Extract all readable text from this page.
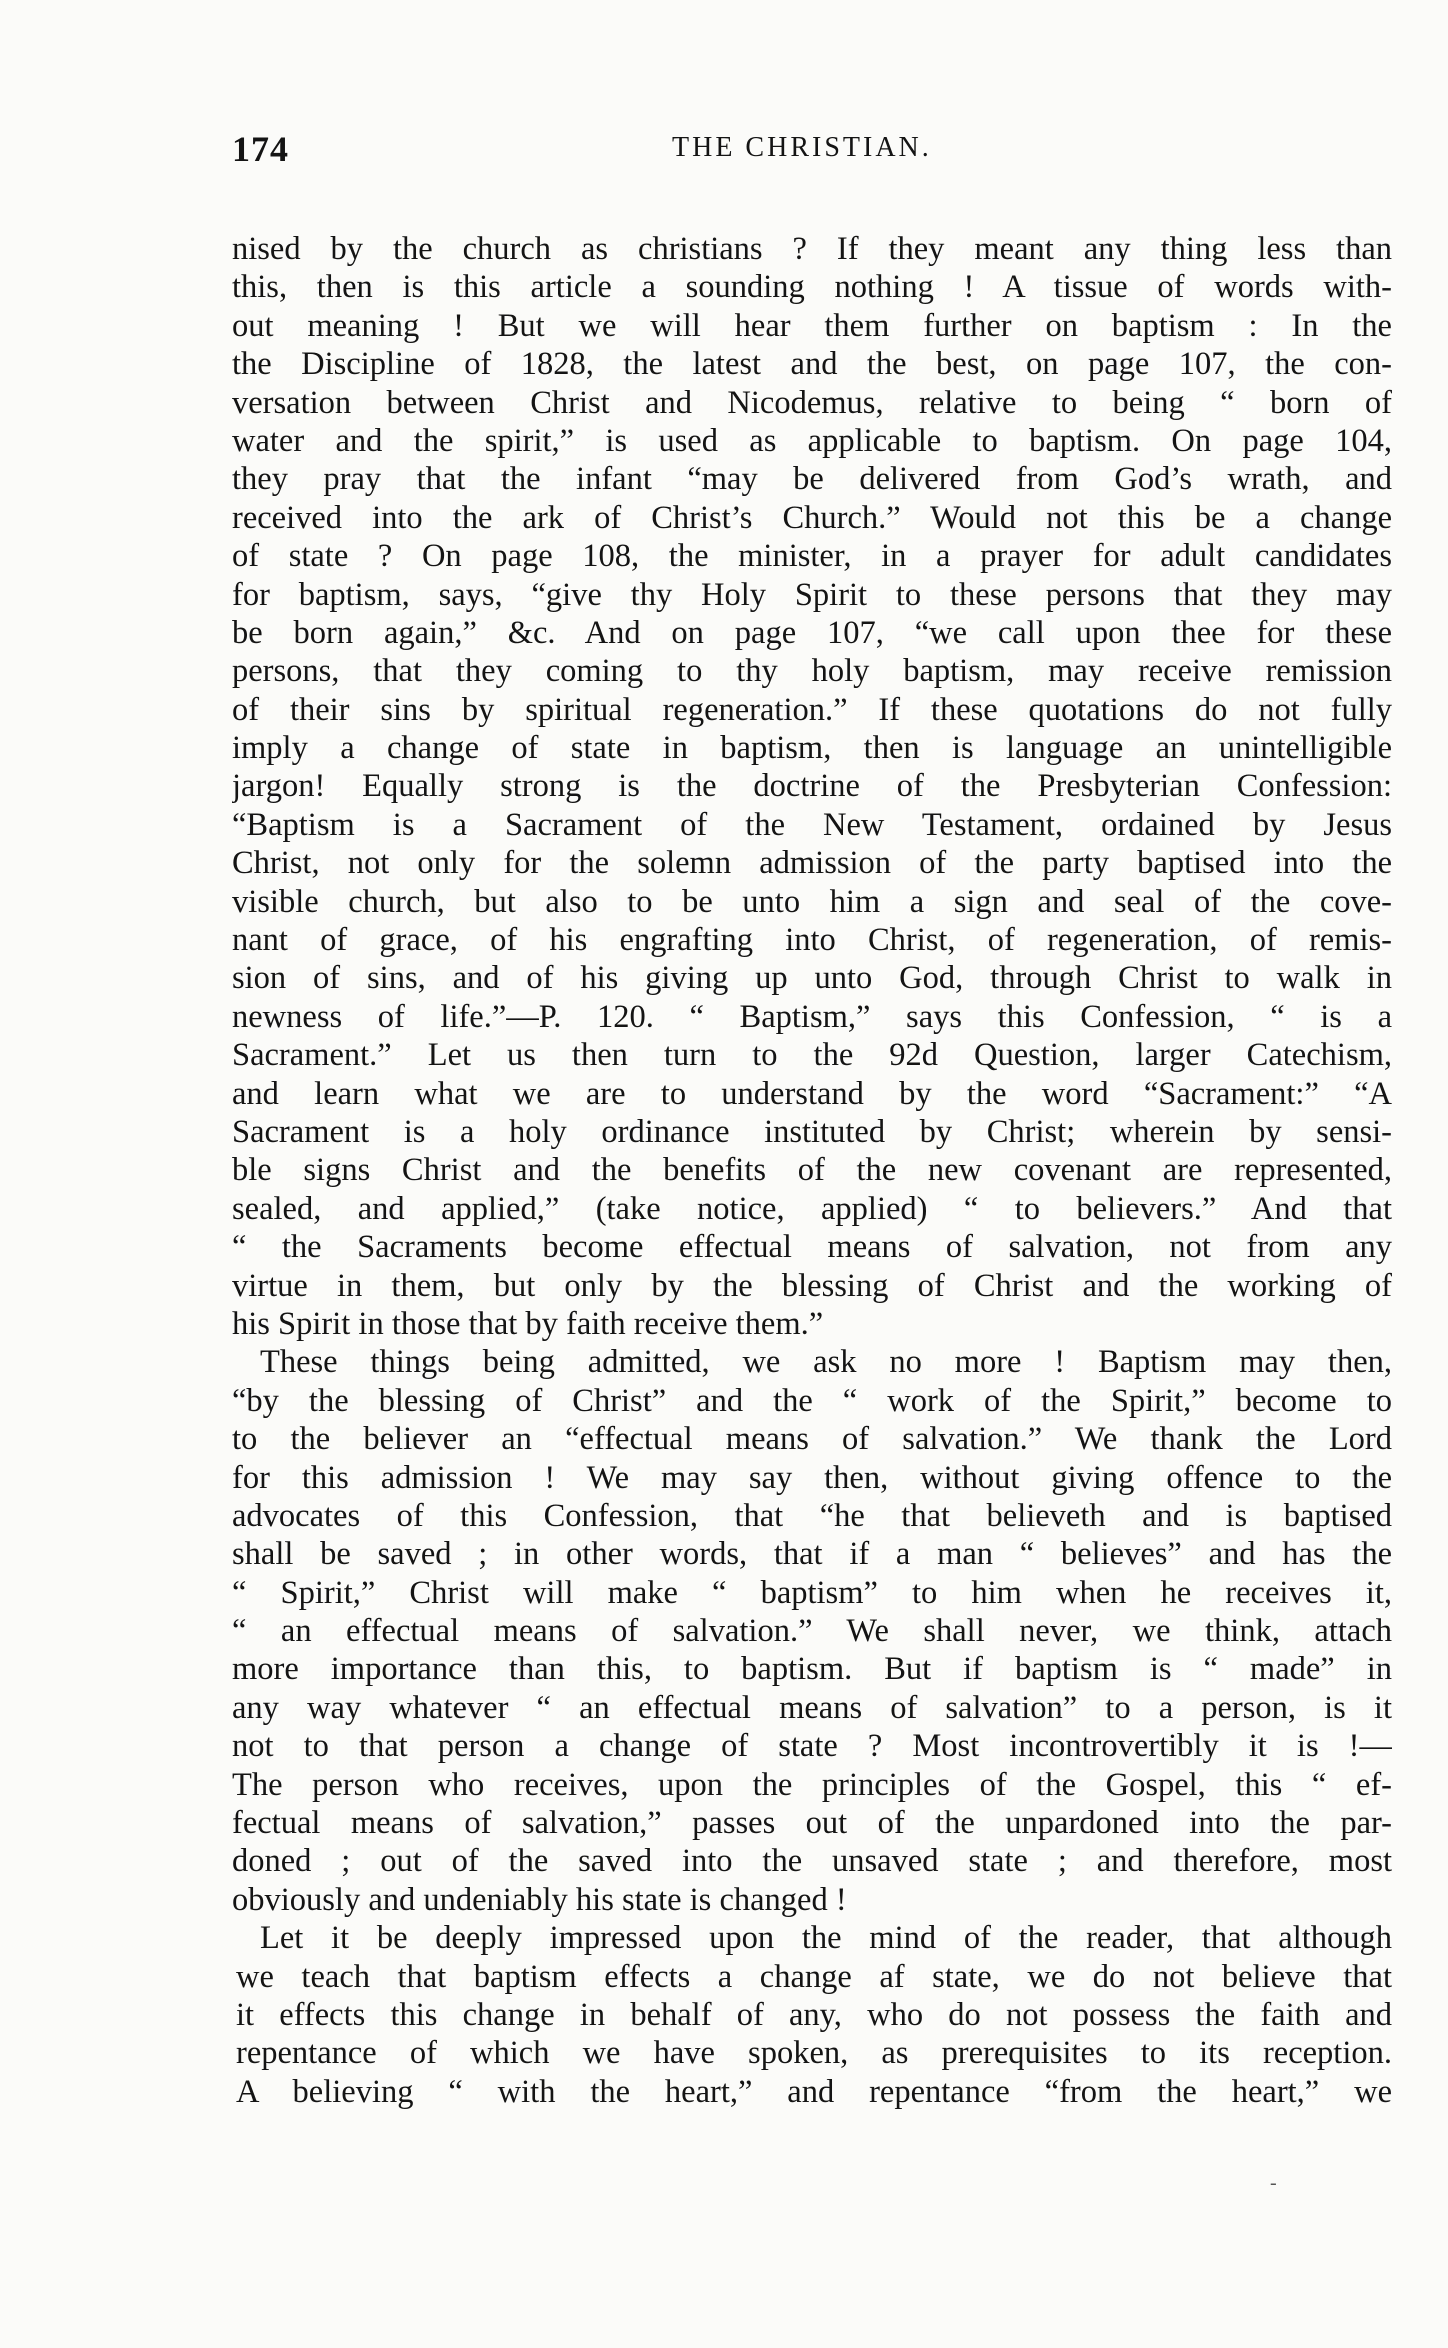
174	THE CHRISTIAN.
nised by the church as christians ? If they meant any thing less than
this, then is this article a sounding nothing ! A tissue of words with-
out meaning ! But we will hear them further on baptism : In the
the Discipline of 1828, the latest and the best, on page 107, the con-
versation between Christ and Nicodemus, relative to being “ born of
water and the spirit,” is used as applicable to baptism. On page 104,
they pray that the infant “may be delivered from God’s wrath, and
received into the ark of Christ’s Church.” Would not this be a change
of state ? On page 108, the minister, in a prayer for adult candidates
for baptism, says, “give thy Holy Spirit to these persons that they may
be born again,” &c. And on page 107, “we call upon thee for these
persons, that they coming to thy holy baptism, may receive remission
of their sins by spiritual regeneration.” If these quotations do not fully
imply a change of state in baptism, then is language an unintelligible
jargon! Equally strong is the doctrine of the Presbyterian Confession:
“Baptism is a Sacrament of the New Testament, ordained by Jesus
Christ, not only for the solemn admission of the party baptised into the
visible church, but also to be unto him a sign and seal of the cove-
nant of grace, of his engrafting into Christ, of regeneration, of remis-
sion of sins, and of his giving up unto God, through Christ to walk in
newness of life.”—P. 120. “ Baptism,” says this Confession, “ is a
Sacrament.” Let us then turn to the 92d Question, larger Catechism,
and learn what we are to understand by the word “Sacrament:” “A
Sacrament is a holy ordinance instituted by Christ; wherein by sensi-
ble signs Christ and the benefits of the new covenant are represented,
sealed, and applied,” (take notice, applied) “ to believers.” And that
“ the Sacraments become effectual means of salvation, not from any
virtue in them, but only by the blessing of Christ and the working of
his Spirit in those that by faith receive them.”
These things being admitted, we ask no more ! Baptism may then,
“by the blessing of Christ” and the “ work of the Spirit,” become to
to the believer an “effectual means of salvation.” We thank the Lord
for this admission ! We may say then, without giving offence to the
advocates of this Confession, that “he that believeth and is baptised
shall be saved ; in other words, that if a man “ believes” and has the
“ Spirit,” Christ will make “ baptism” to him when he receives it,
“ an effectual means of salvation.” We shall never, we think, attach
more importance than this, to baptism. But if baptism is “ made” in
any way whatever “ an effectual means of salvation” to a person, is it
not to that person a change of state ? Most incontrovertibly it is !—
The person who receives, upon the principles of the Gospel, this “ ef-
fectual means of salvation,” passes out of the unpardoned into the par-
doned ; out of the saved into the unsaved state ; and therefore, most
obviously and undeniably his state is changed !
Let it be deeply impressed upon the mind of the reader, that although
we teach that baptism effects a change af state, we do not believe that
it effects this change in behalf of any, who do not possess the faith and
repentance of which we have spoken, as prerequisites to its reception.
A believing “ with the heart,” and repentance “from the heart,” we
-
